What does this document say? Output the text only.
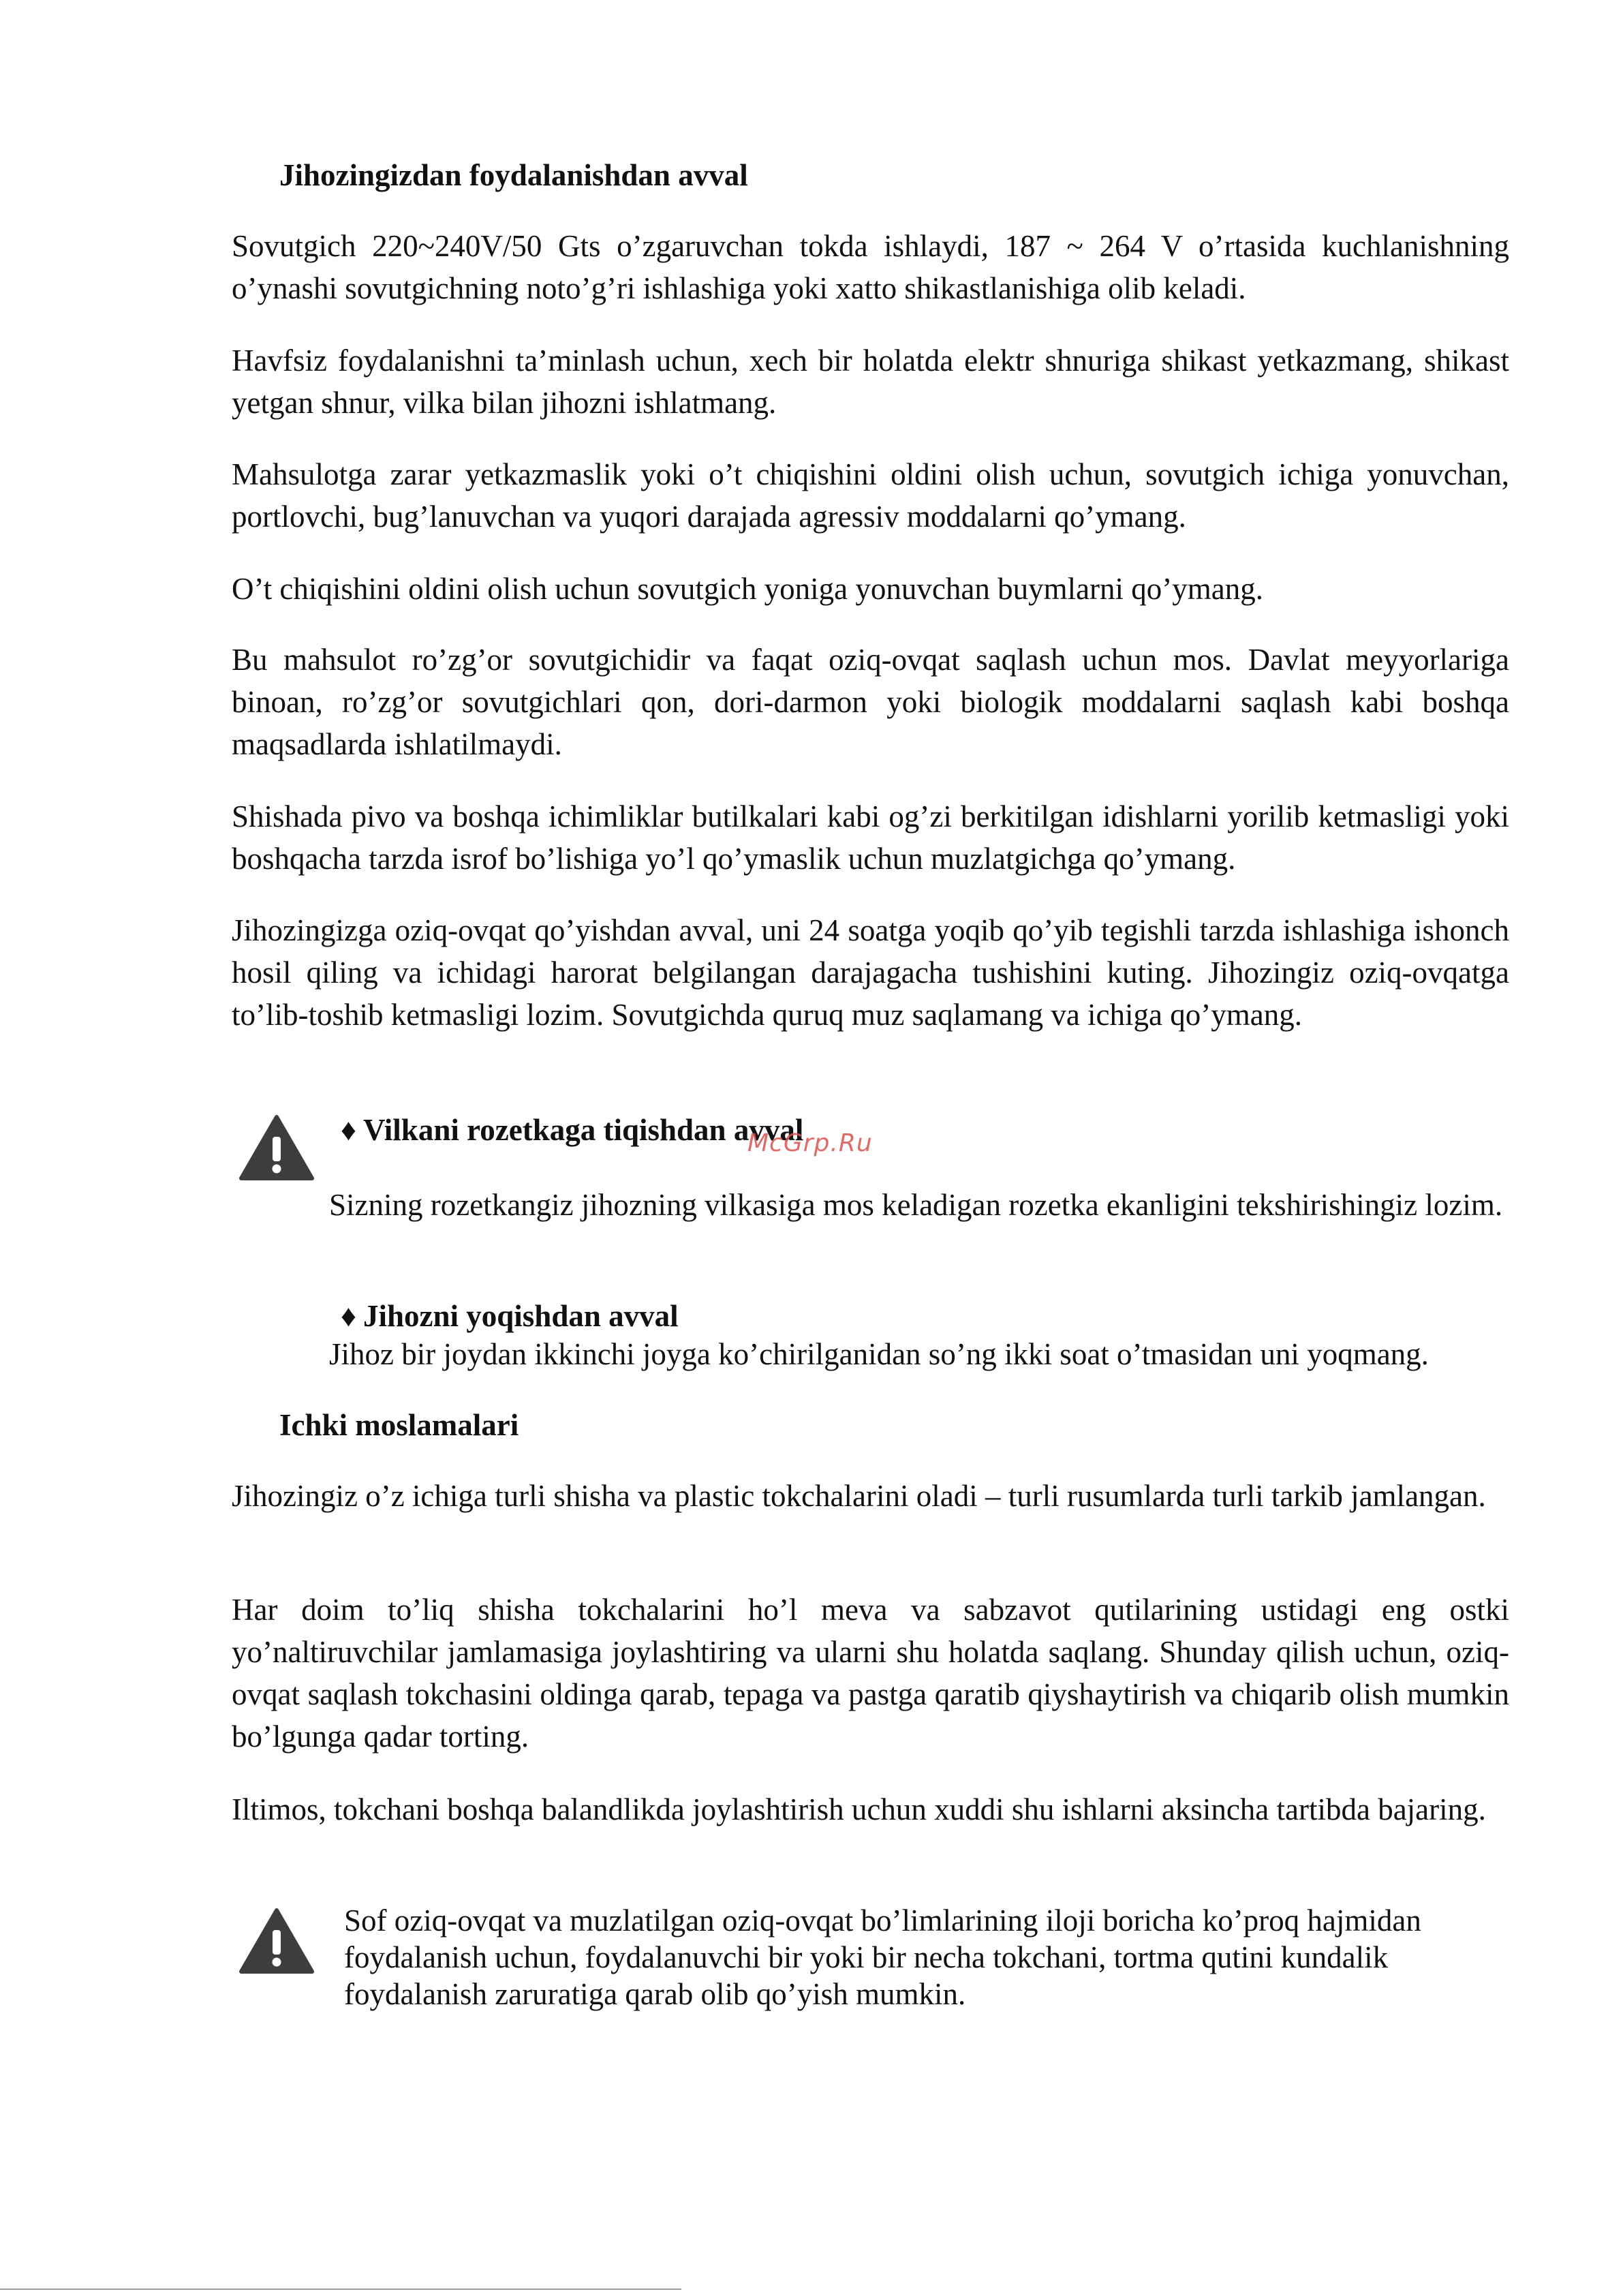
Jihozingizdan foydalanishdan avval

Sovutgich 220~240V/50 Gts o’zgaruvchan tokda ishlaydi, 187 ~ 264 V o’rtasida kuchlanishning o’ynashi sovutgichning noto’g’ri ishlashiga yoki xatto shikastlanishiga olib keladi.

Havfsiz foydalanishni ta’minlash uchun, xech bir holatda elektr shnuriga shikast yetkazmang, shikast yetgan shnur, vilka bilan jihozni ishlatmang.

Mahsulotga zarar yetkazmaslik yoki o’t chiqishini oldini olish uchun, sovutgich ichiga yonuvchan, portlovchi, bug’lanuvchan va yuqori darajada agressiv moddalarni qo’ymang.

O’t chiqishini oldini olish uchun sovutgich yoniga yonuvchan buymlarni qo’ymang.

Bu mahsulot ro’zg’or sovutgichidir va faqat oziq-ovqat saqlash uchun mos. Davlat meyyorlariga binoan, ro’zg’or sovutgichlari qon, dori-darmon yoki biologik moddalarni saqlash kabi boshqa maqsadlarda ishlatilmaydi.

Shishada pivo va boshqa ichimliklar butilkalari kabi og’zi berkitilgan idishlarni yorilib ketmasligi yoki boshqacha tarzda isrof bo’lishiga yo’l qo’ymaslik uchun muzlatgichga qo’ymang.

Jihozingizga oziq-ovqat qo’yishdan avval, uni 24 soatga yoqib qo’yib tegishli tarzda ishlashiga ishonch hosil qiling va ichidagi harorat belgilangan darajagacha tushishini kuting. Jihozingiz oziq-ovqatga to’lib-toshib ketmasligi lozim. Sovutgichda quruq muz saqlamang va ichiga qo’ymang.

♦ Vilkani rozetkaga tiqishdan avval

Sizning rozetkangiz jihozning vilkasiga mos keladigan rozetka ekanligini tekshirishingiz lozim.

♦ Jihozni yoqishdan avval

Jihoz bir joydan ikkinchi joyga ko’chirilganidan so’ng ikki soat o’tmasidan uni yoqmang.

Ichki moslamalari

Jihozingiz o’z ichiga turli shisha va plastic tokchalarini oladi – turli rusumlarda turli tarkib jamlangan.

Har doim to’liq shisha tokchalarini ho’l meva va sabzavot qutilarining ustidagi eng ostki yo’naltiruvchilar jamlamasiga joylashtiring va ularni shu holatda saqlang. Shunday qilish uchun, oziq-ovqat saqlash tokchasini oldinga qarab, tepaga va pastga qaratib qiyshaytirish va chiqarib olish mumkin bo’lgunga qadar torting.

Iltimos, tokchani boshqa balandlikda joylashtirish uchun xuddi shu ishlarni aksincha tartibda bajaring.

Sof oziq-ovqat va muzlatilgan oziq-ovqat bo’limlarining iloji boricha ko’proq hajmidan
foydalanish uchun, foydalanuvchi bir yoki bir necha tokchani, tortma qutini kundalik
foydalanish zaruratiga qarab olib qo’yish mumkin.
McGrp.Ru
